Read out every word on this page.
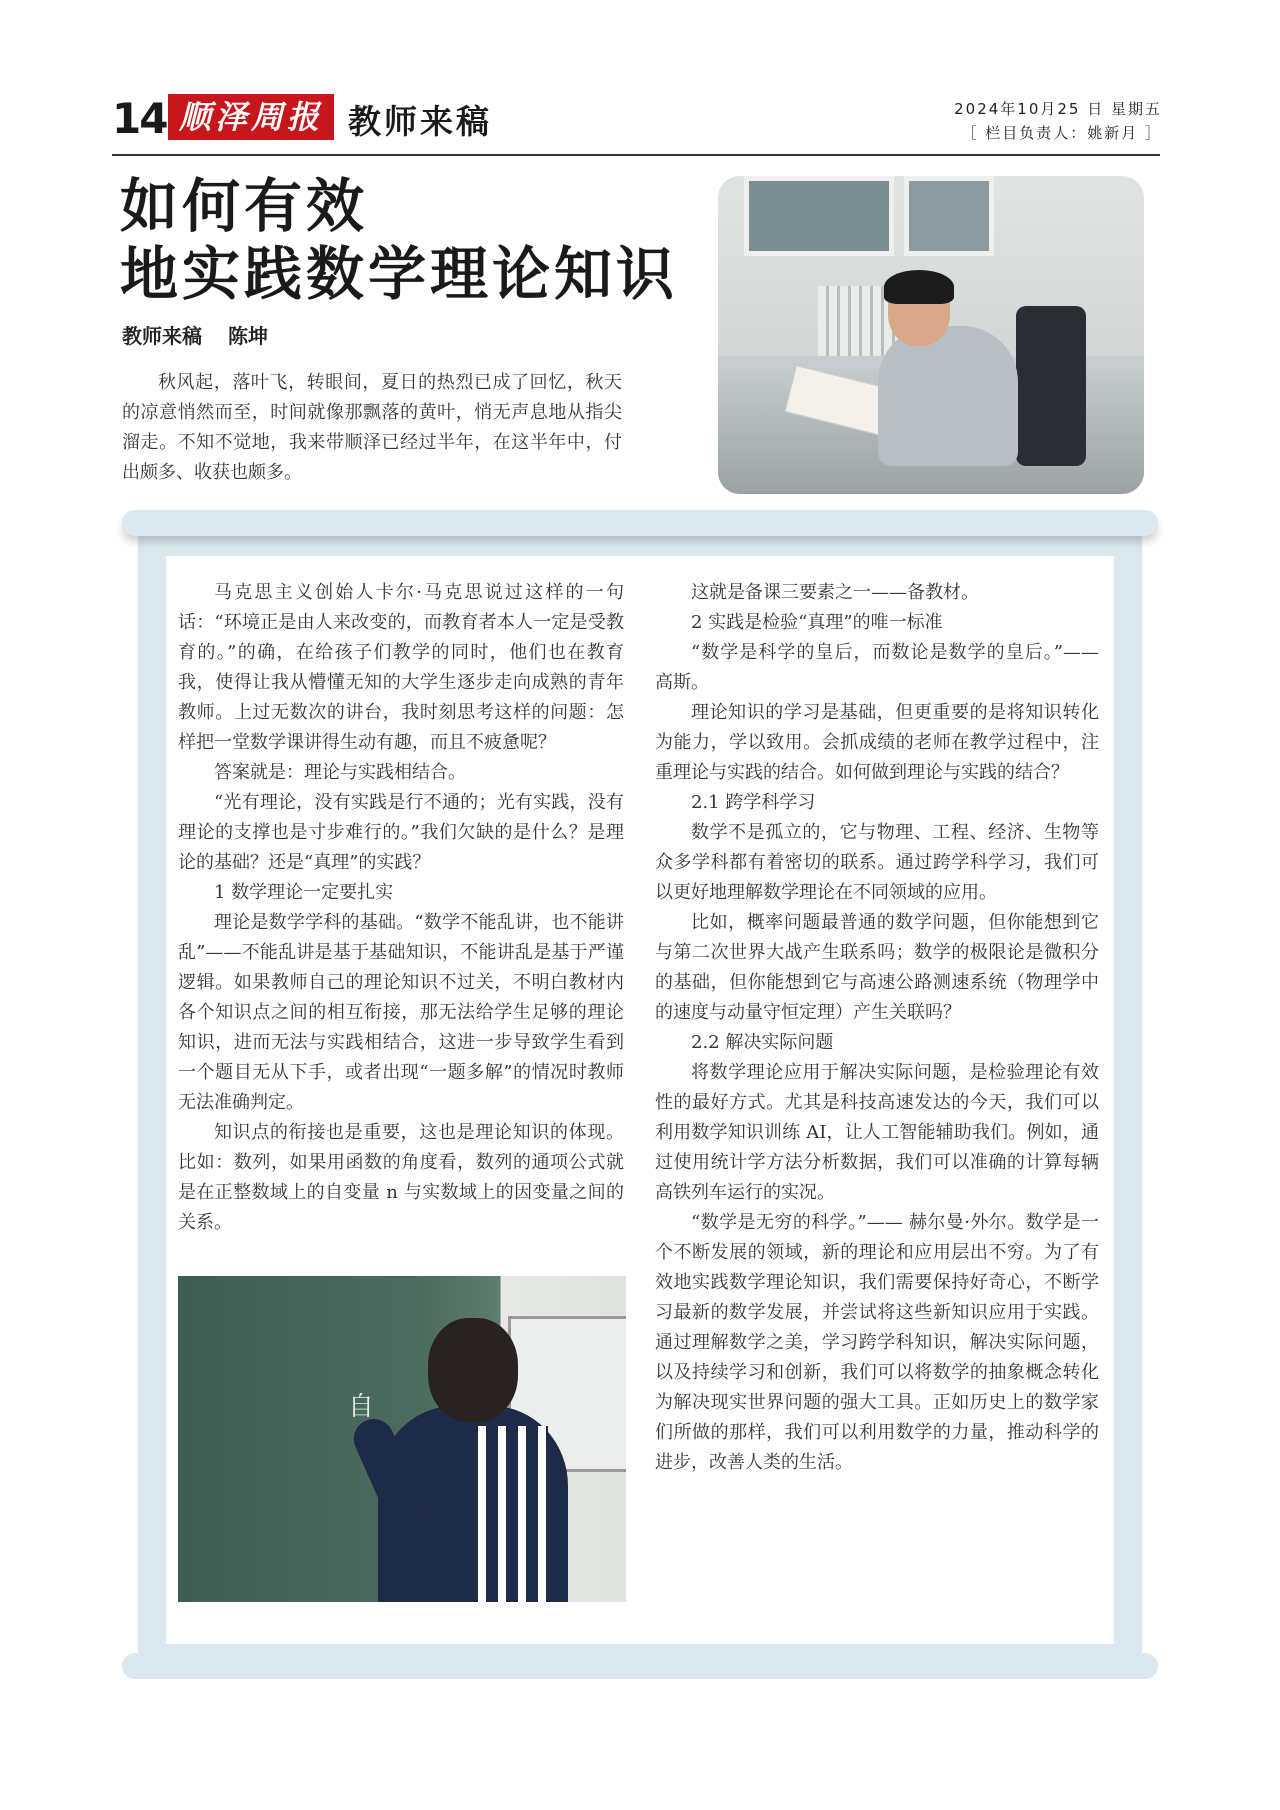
14 顺泽周报 教师来稿	2024年10月25 日 星期五
［ 栏目负责人：姚新月 ］
如何有效
地实践数学理论知识
教师来稿 陈坤
秋风起，落叶飞，转眼间，夏日的热烈已成了回忆，秋天的凉意悄然而至，时间就像那飘落的黄叶，悄无声息地从指尖溜走。不知不觉地，我来带顺泽已经过半年，在这半年中，付出颇多、收获也颇多。

马克思主义创始人卡尔·马克思说过这样的一句话：“环境正是由人来改变的，而教育者本人一定是受教育的。”的确，在给孩子们教学的同时，他们也在教育我，使得让我从懵懂无知的大学生逐步走向成熟的青年教师。上过无数次的讲台，我时刻思考这样的问题：怎样把一堂数学课讲得生动有趣，而且不疲惫呢？

答案就是：理论与实践相结合。

“光有理论，没有实践是行不通的；光有实践，没有理论的支撑也是寸步难行的。”我们欠缺的是什么？是理论的基础？还是“真理”的实践？

1 数学理论一定要扎实

理论是数学学科的基础。“数学不能乱讲，也不能讲乱”——不能乱讲是基于基础知识，不能讲乱是基于严谨逻辑。如果教师自己的理论知识不过关，不明白教材内各个知识点之间的相互衔接，那无法给学生足够的理论知识，进而无法与实践相结合，这进一步导致学生看到一个题目无从下手，或者出现“一题多解”的情况时教师无法准确判定。

知识点的衔接也是重要，这也是理论知识的体现。比如：数列，如果用函数的角度看，数列的通项公式就是在正整数域上的自变量 n 与实数域上的因变量之间的关系。

自

这就是备课三要素之一——备教材。

2 实践是检验“真理”的唯一标准

“数学是科学的皇后，而数论是数学的皇后。”—— 高斯。

理论知识的学习是基础，但更重要的是将知识转化为能力，学以致用。会抓成绩的老师在教学过程中，注重理论与实践的结合。如何做到理论与实践的结合？

2.1 跨学科学习

数学不是孤立的，它与物理、工程、经济、生物等众多学科都有着密切的联系。通过跨学科学习，我们可以更好地理解数学理论在不同领域的应用。

比如，概率问题最普通的数学问题，但你能想到它与第二次世界大战产生联系吗；数学的极限论是微积分的基础，但你能想到它与高速公路测速系统（物理学中的速度与动量守恒定理）产生关联吗？

2.2 解决实际问题

将数学理论应用于解决实际问题，是检验理论有效性的最好方式。尤其是科技高速发达的今天，我们可以利用数学知识训练 AI，让人工智能辅助我们。例如，通过使用统计学方法分析数据，我们可以准确的计算每辆高铁列车运行的实况。

“数学是无穷的科学。”—— 赫尔曼·外尔。数学是一个不断发展的领域，新的理论和应用层出不穷。为了有效地实践数学理论知识，我们需要保持好奇心，不断学习最新的数学发展，并尝试将这些新知识应用于实践。通过理解数学之美，学习跨学科知识，解决实际问题，以及持续学习和创新，我们可以将数学的抽象概念转化为解决现实世界问题的强大工具。正如历史上的数学家们所做的那样，我们可以利用数学的力量，推动科学的进步，改善人类的生活。
